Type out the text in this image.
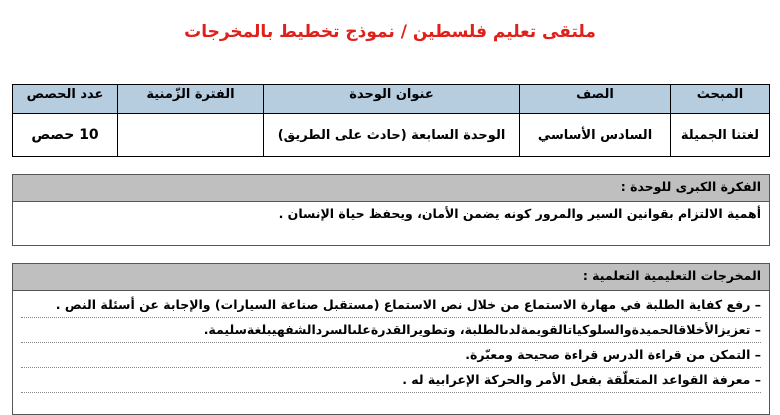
ملتقى تعليم فلسطين / نموذج تخطيط بالمخرجات
المبحث	الصف	عنوان الوحدة	الفترة الزّمنية	عدد الحصص
لغتنا الجميلة	السادس الأساسي	الوحدة السابعة (حادث على الطريق)		10 حصص
الفكرة الكبرى للوحدة :
أهمية الالتزام بقوانين السير والمرور كونه يضمن الأمان، ويحفظ حياة الإنسان .
المخرجات التعليمية التعلمية :
– رفع كفاية الطلبة في مهارة الاستماع من خلال نص الاستماع (مستقبل صناعة السيارات) والإجابة عن أسئلة النص .
– تعزيزالأخلاقالحميدةوالسلوكياتالقويمةلدىالطلبة، وتطويرالقدرةعلىالسردالشفهيبلغةسليمة.
– التمكن من قراءة الدرس قراءة صحيحة ومعبّرة.
– معرفة القواعد المتعلّقة بفعل الأمر والحركة الإعرابية له .
